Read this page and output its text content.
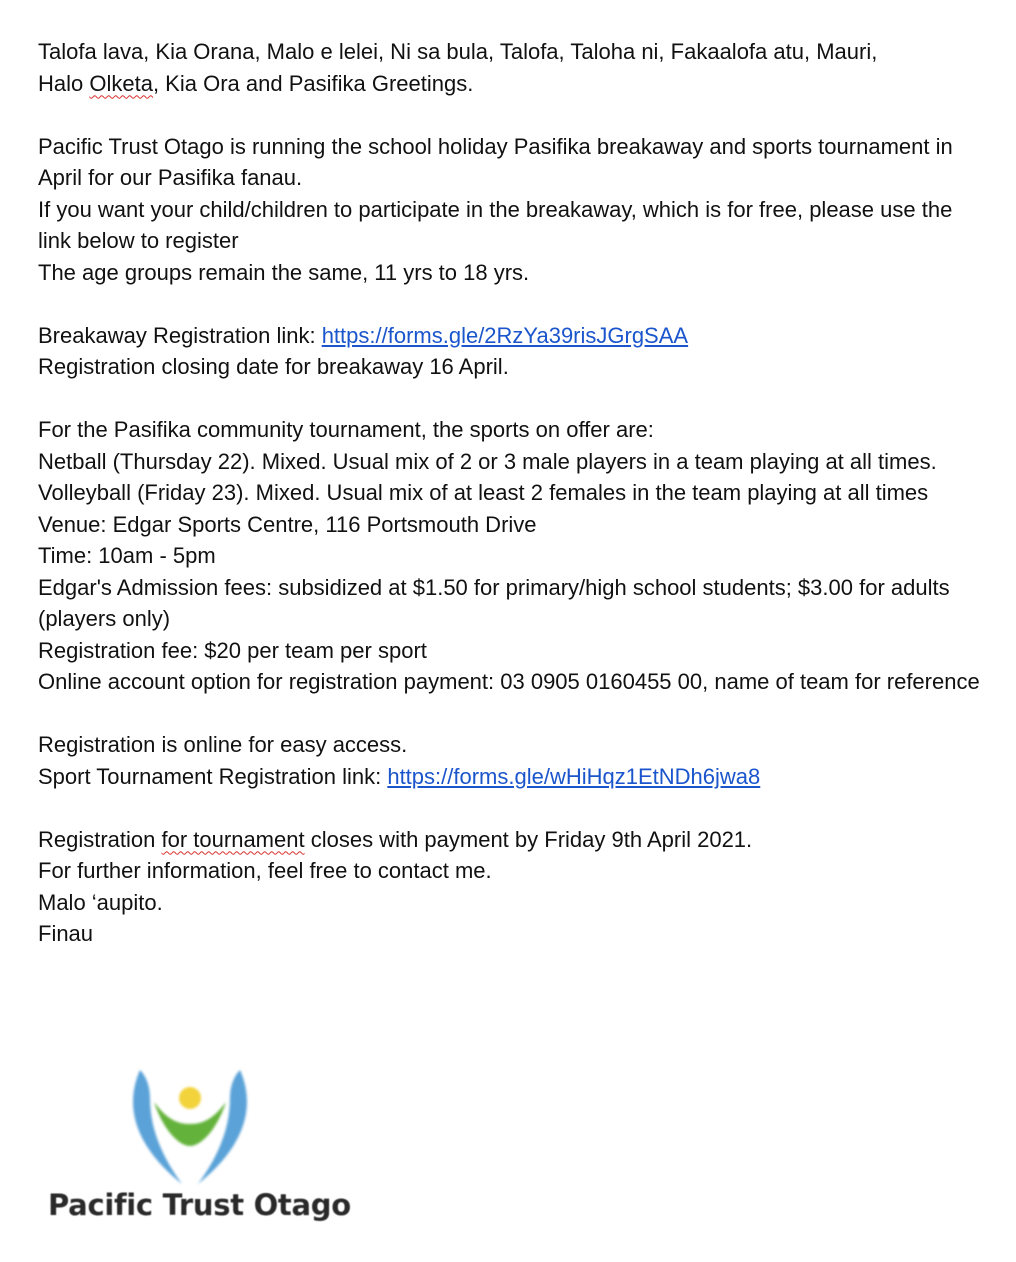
Talofa lava, Kia Orana, Malo e lelei, Ni sa bula, Talofa, Taloha ni, Fakaalofa atu, Mauri,

Halo Olketa, Kia Ora and Pasifika Greetings.

Pacific Trust Otago is running the school holiday Pasifika breakaway and sports tournament in April for our Pasifika fanau.

If you want your child/children to participate in the breakaway, which is for free, please use the link below to register

The age groups remain the same, 11 yrs to 18 yrs.

Breakaway Registration link: https://forms.gle/2RzYa39risJGrgSAA

Registration closing date for breakaway 16 April.

For the Pasifika community tournament, the sports on offer are:

Netball (Thursday 22). Mixed. Usual mix of 2 or 3 male players in a team playing at all times.

Volleyball (Friday 23). Mixed. Usual mix of at least 2 females in the team playing at all times

Venue: Edgar Sports Centre, 116 Portsmouth Drive

Time: 10am - 5pm

Edgar's Admission fees: subsidized at $1.50 for primary/high school students; $3.00 for adults (players only)

Registration fee: $20 per team per sport

Online account option for registration payment: 03 0905 0160455 00, name of team for reference

Registration is online for easy access.

Sport Tournament Registration link: https://forms.gle/wHiHqz1EtNDh6jwa8

Registration for tournament closes with payment by Friday 9th April 2021.

For further information, feel free to contact me.

Malo ‘aupito.

Finau

Pacific Trust Otago
